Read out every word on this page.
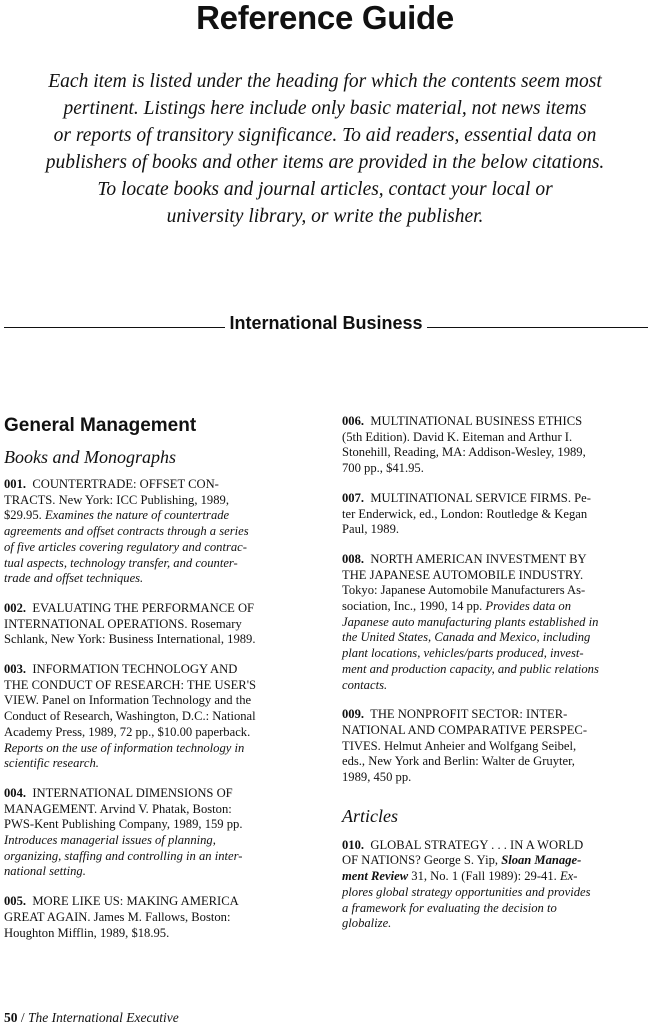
Reference Guide
Each item is listed under the heading for which the contents seem most
pertinent. Listings here include only basic material, not news items
or reports of transitory significance. To aid readers, essential data on
publishers of books and other items are provided in the below citations.
To locate books and journal articles, contact your local or
university library, or write the publisher.
International Business
General Management
Books and Monographs
001. COUNTERTRADE: OFFSET CON-
TRACTS. New York: ICC Publishing, 1989,
$29.95. Examines the nature of countertrade
agreements and offset contracts through a series
of five articles covering regulatory and contrac-
tual aspects, technology transfer, and counter-
trade and offset techniques.
002. EVALUATING THE PERFORMANCE OF
INTERNATIONAL OPERATIONS. Rosemary
Schlank, New York: Business International, 1989.
003. INFORMATION TECHNOLOGY AND
THE CONDUCT OF RESEARCH: THE USER'S
VIEW. Panel on Information Technology and the
Conduct of Research, Washington, D.C.: National
Academy Press, 1989, 72 pp., $10.00 paperback.
Reports on the use of information technology in
scientific research.
004. INTERNATIONAL DIMENSIONS OF
MANAGEMENT. Arvind V. Phatak, Boston:
PWS-Kent Publishing Company, 1989, 159 pp.
Introduces managerial issues of planning,
organizing, staffing and controlling in an inter-
national setting.
005. MORE LIKE US: MAKING AMERICA
GREAT AGAIN. James M. Fallows, Boston:
Houghton Mifflin, 1989, $18.95.
006. MULTINATIONAL BUSINESS ETHICS
(5th Edition). David K. Eiteman and Arthur I.
Stonehill, Reading, MA: Addison-Wesley, 1989,
700 pp., $41.95.
007. MULTINATIONAL SERVICE FIRMS. Pe-
ter Enderwick, ed., London: Routledge & Kegan
Paul, 1989.
008. NORTH AMERICAN INVESTMENT BY
THE JAPANESE AUTOMOBILE INDUSTRY.
Tokyo: Japanese Automobile Manufacturers As-
sociation, Inc., 1990, 14 pp. Provides data on
Japanese auto manufacturing plants established in
the United States, Canada and Mexico, including
plant locations, vehicles/parts produced, invest-
ment and production capacity, and public relations
contacts.
009. THE NONPROFIT SECTOR: INTER-
NATIONAL AND COMPARATIVE PERSPEC-
TIVES. Helmut Anheier and Wolfgang Seibel,
eds., New York and Berlin: Walter de Gruyter,
1989, 450 pp.
Articles
010. GLOBAL STRATEGY . . . IN A WORLD
OF NATIONS? George S. Yip, Sloan Manage-
ment Review 31, No. 1 (Fall 1989): 29-41. Ex-
plores global strategy opportunities and provides
a framework for evaluating the decision to
globalize.
50 / The International Executive
